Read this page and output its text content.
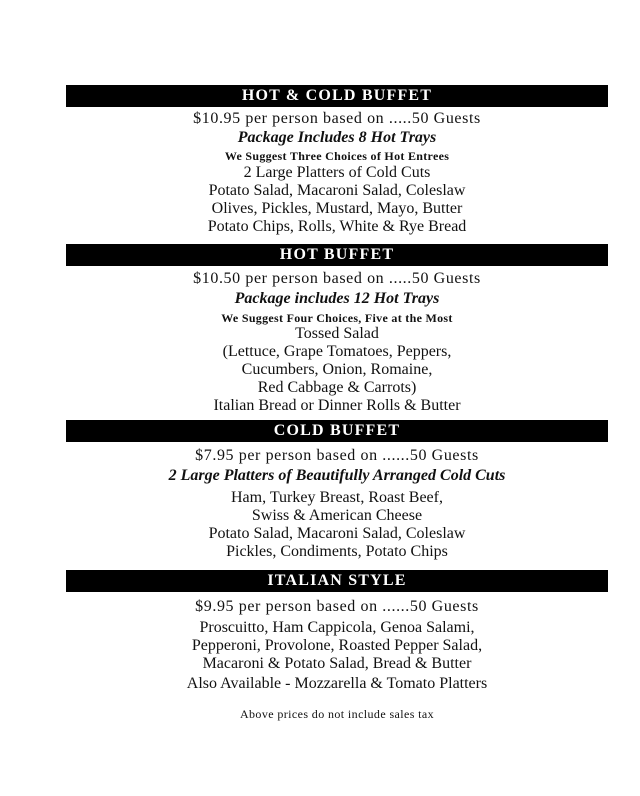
HOT & COLD BUFFET
$10.95 per person based on .....50 Guests
Package Includes 8 Hot Trays
We Suggest Three Choices of Hot Entrees
2 Large Platters of Cold Cuts
Potato Salad, Macaroni Salad, Coleslaw
Olives, Pickles, Mustard, Mayo, Butter
Potato Chips, Rolls, White & Rye Bread
HOT BUFFET
$10.50 per person based on .....50 Guests
Package includes 12 Hot Trays
We Suggest Four Choices, Five at the Most
Tossed Salad
(Lettuce, Grape Tomatoes, Peppers,
Cucumbers, Onion, Romaine,
Red Cabbage & Carrots)
Italian Bread or Dinner Rolls & Butter
COLD BUFFET
$7.95 per person based on ......50 Guests
2 Large Platters of Beautifully Arranged Cold Cuts
Ham, Turkey Breast, Roast Beef,
Swiss & American Cheese
Potato Salad, Macaroni Salad, Coleslaw
Pickles, Condiments, Potato Chips
ITALIAN STYLE
$9.95 per person based on ......50 Guests
Proscuitto, Ham Cappicola, Genoa Salami,
Pepperoni, Provolone, Roasted Pepper Salad,
Macaroni & Potato Salad, Bread & Butter
Also Available - Mozzarella & Tomato Platters
Above prices do not include sales tax
